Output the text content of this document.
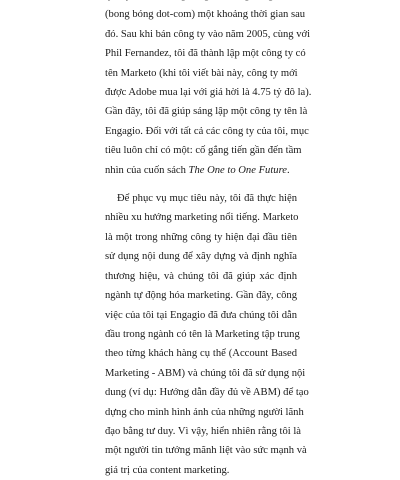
(bong bóng dot-com) một khoảng thời gian sau
đó. Sau khi bán công ty vào năm 2005, cùng với
Phil Fernandez, tôi đã thành lập một công ty có
tên Marketo (khi tôi viết bài này, công ty mới
được Adobe mua lại với giá hời là 4.75 tỷ đô la).
Gần đây, tôi đã giúp sáng lập một công ty tên là
Engagio. Đối với tất cả các công ty của tôi, mục
tiêu luôn chỉ có một: cố gắng tiến gần đến tầm
nhìn của cuốn sách The One to One Future.

Để phục vụ mục tiêu này, tôi đã thực hiện
nhiều xu hướng marketing nổi tiếng. Marketo
là một trong những công ty hiện đại đầu tiên
sử dụng nội dung để xây dựng và định nghĩa
thương hiệu, và chúng tôi đã giúp xác định
ngành tự động hóa marketing. Gần đây, công
việc của tôi tại Engagio đã đưa chúng tôi dẫn
đầu trong ngành có tên là Marketing tập trung
theo từng khách hàng cụ thể (Account Based
Marketing - ABM) và chúng tôi đã sử dụng nội
dung (ví dụ: Hướng dẫn đầy đủ về ABM) để tạo
dựng cho mình hình ảnh của những người lãnh
đạo bằng tư duy. Vì vậy, hiển nhiên rằng tôi là
một người tin tưởng mãnh liệt vào sức mạnh và
giá trị của content marketing.
